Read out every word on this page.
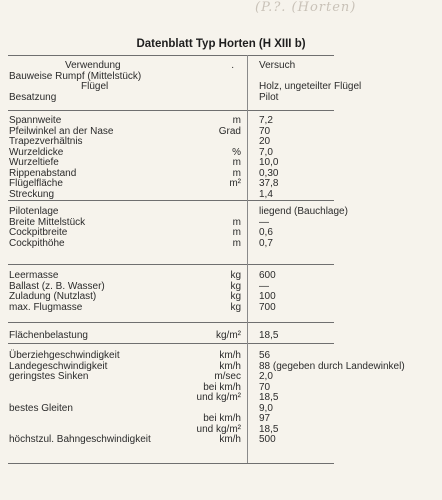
(P.?. (Horten)
Datenblatt Typ Horten (H XIII b)
·
Verwendung	Versuch
Bauweise Rumpf (Mittelstück)
Flügel	Holz, ungeteilter Flügel
Besatzung	Pilot
Spannweite	m 7,2
Pfeilwinkel an der Nase	Grad 70
Trapezverhältnis	20
Wurzeldicke	% 7,0
Wurzeltiefe	m 10,0
Rippenabstand	m 0,30
Flügelfläche	m² 37,8
Streckung	1,4
Pilotenlage	liegend (Bauchlage)
Breite Mittelstück	m —
Cockpitbreite	m 0,6
Cockpithöhe	m 0,7
Leermasse	kg 600
Ballast (z. B. Wasser)	kg —
Zuladung (Nutzlast)	kg 100
max. Flugmasse	kg 700
Flächenbelastung	kg/m² 18,5
Überziehgeschwindigkeit	km/h 56
Landegeschwindigkeit	km/h 88 (gegeben durch Landewinkel)
geringstes Sinken	m/sec 2,0
bei km/h 70
und kg/m² 18,5
bestes Gleiten	9,0
bei km/h 97
und kg/m² 18,5
höchstzul. Bahngeschwindigkeit	km/h 500
